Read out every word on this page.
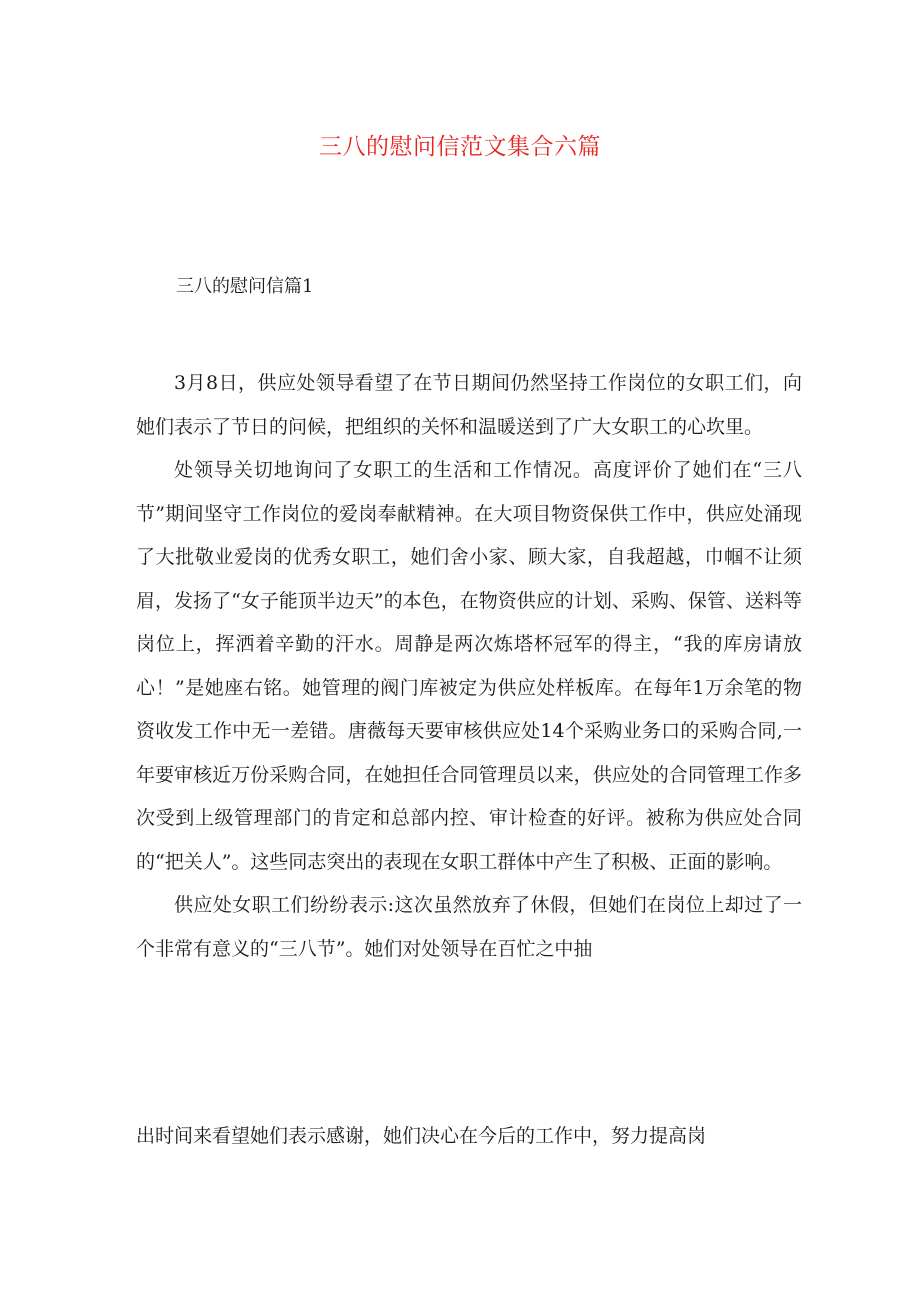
三八的慰问信范文集合六篇
三八的慰问信篇1

3月8日，供应处领导看望了在节日期间仍然坚持工作岗位的女职工们，向她们表示了节日的问候，把组织的关怀和温暖送到了广大女职工的心坎里。

处领导关切地询问了女职工的生活和工作情况。高度评价了她们在“三八节”期间坚守工作岗位的爱岗奉献精神。在大项目物资保供工作中，供应处涌现了大批敬业爱岗的优秀女职工，她们舍小家、顾大家，自我超越，巾帼不让须眉，发扬了“女子能顶半边天”的本色，在物资供应的计划、采购、保管、送料等岗位上，挥洒着辛勤的汗水。周静是两次炼塔杯冠军的得主，“我的库房请放心！”是她座右铭。她管理的阀门库被定为供应处样板库。在每年1万余笔的物资收发工作中无一差错。唐薇每天要审核供应处14个采购业务口的采购合同,一年要审核近万份采购合同，在她担任合同管理员以来，供应处的合同管理工作多次受到上级管理部门的肯定和总部内控、审计检查的好评。被称为供应处合同的“把关人”。这些同志突出的表现在女职工群体中产生了积极、正面的影响。

供应处女职工们纷纷表示:这次虽然放弃了休假，但她们在岗位上却过了一个非常有意义的“三八节”。她们对处领导在百忙之中抽

出时间来看望她们表示感谢，她们决心在今后的工作中，努力提高岗
